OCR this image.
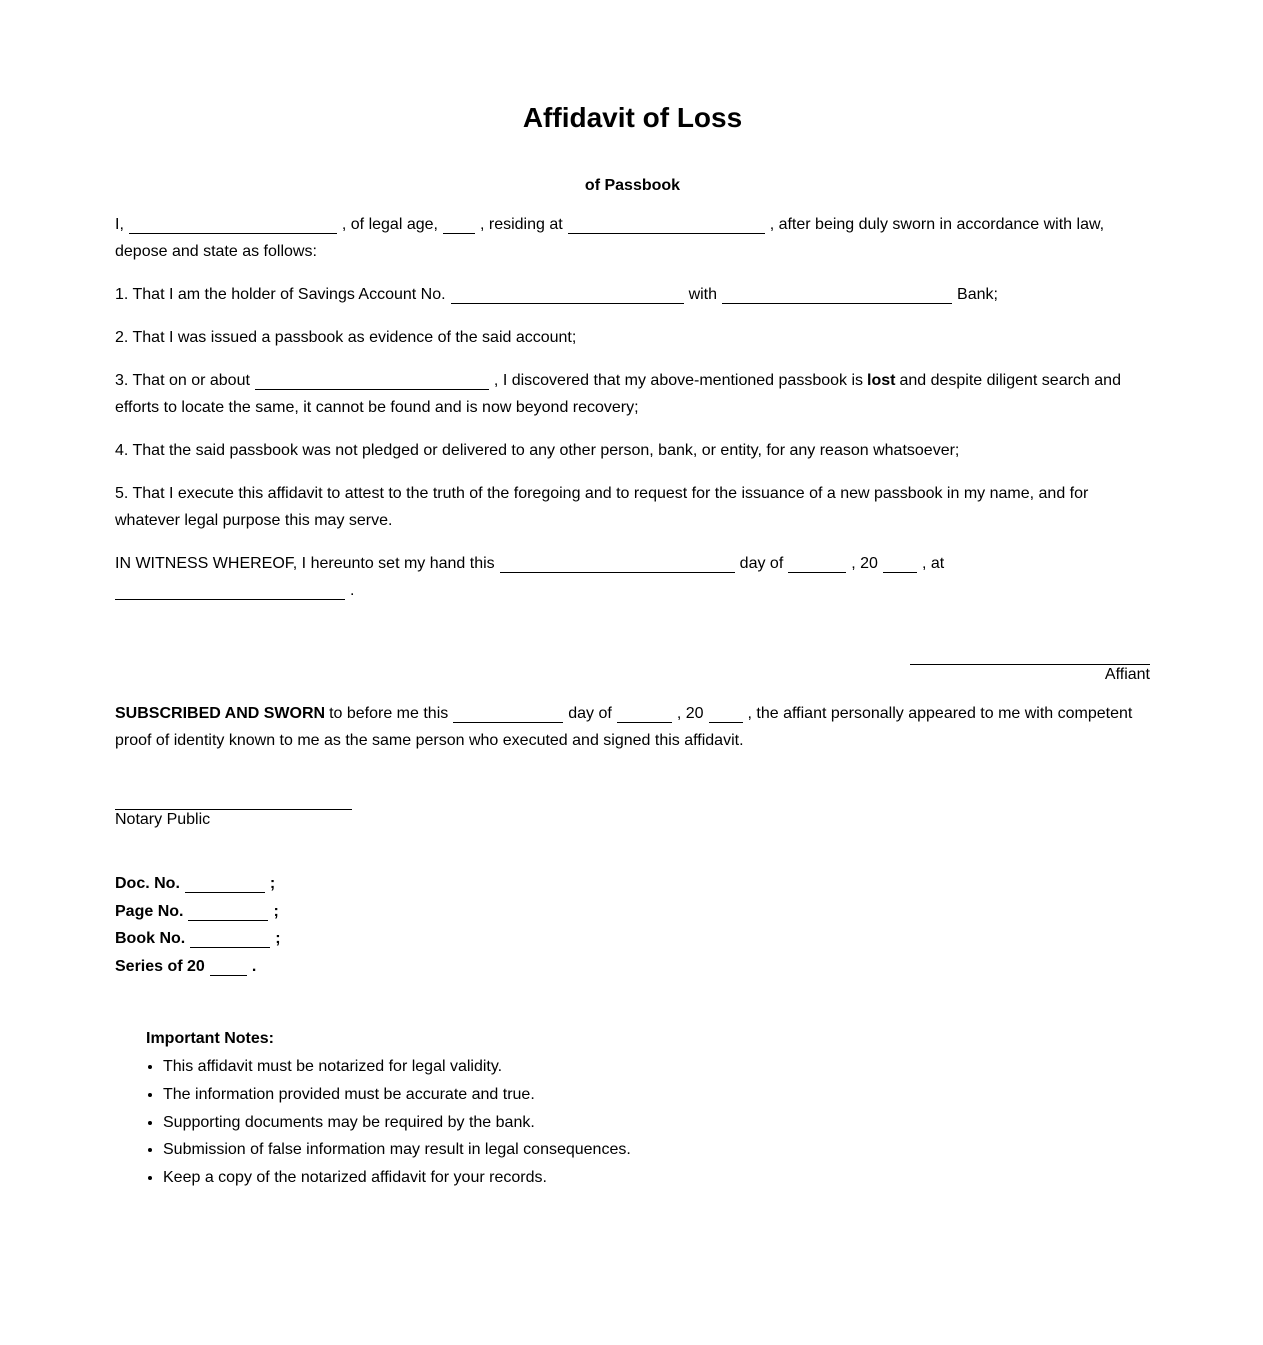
Affidavit of Loss
of Passbook

I,	, of legal age,	, residing at	, after being duly sworn in accordance with law, depose and state as follows:

1. That I am the holder of Savings Account No.	with	Bank;

2. That I was issued a passbook as evidence of the said account;

3. That on or about	, I discovered that my above-mentioned passbook is lost and despite diligent search and efforts to locate the same, it cannot be found and is now beyond recovery;

4. That the said passbook was not pledged or delivered to any other person, bank, or entity, for any reason whatsoever;

5. That I execute this affidavit to attest to the truth of the foregoing and to request for the issuance of a new passbook in my name, and for whatever legal purpose this may serve.

IN WITNESS WHEREOF, I hereunto set my hand this	day of	, 20	, at.

Affiant

SUBSCRIBED AND SWORN to before me this	day of	, 20	, the affiant personally appeared to me with competent proof of identity known to me as the same person who executed and signed this affidavit.

Notary Public
Doc. No.	;
Page No.	;
Book No.	;
Series of 20	.
Important Notes:
• This affidavit must be notarized for legal validity.
• The information provided must be accurate and true.
• Supporting documents may be required by the bank.
• Submission of false information may result in legal consequences.
• Keep a copy of the notarized affidavit for your records.
